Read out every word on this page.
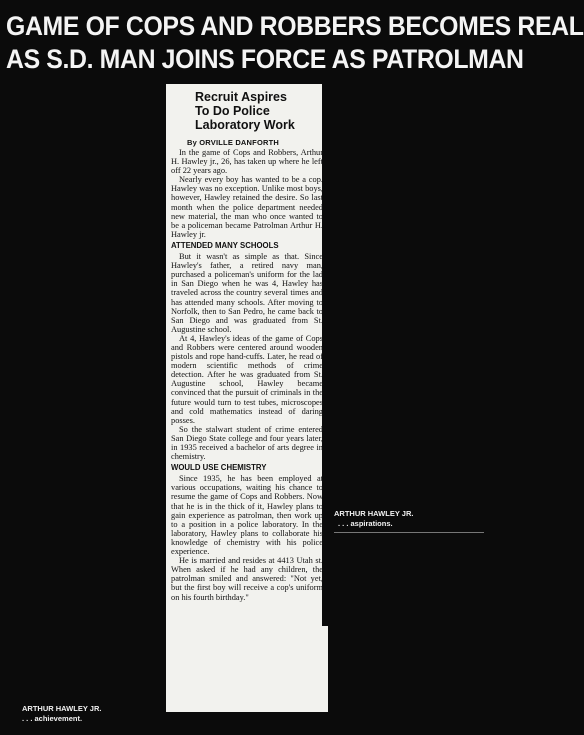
GAME OF COPS AND ROBBERS BECOMES REAL
AS S.D. MAN JOINS FORCE AS PATROLMAN
Recruit Aspires
To Do Police
Laboratory Work
By ORVILLE DANFORTH

In the game of Cops and Robbers, Arthur H. Hawley jr., 26, has taken up where he left off 22 years ago.

Nearly every boy has wanted to be a cop. Hawley was no exception. Unlike most boys, however, Hawley retained the desire. So last month when the police department needed new material, the man who once wanted to be a policeman became Patrolman Arthur H. Hawley jr.

ATTENDED MANY SCHOOLS

But it wasn't as simple as that. Since Hawley's father, a retired navy man, purchased a policeman's uniform for the lad in San Diego when he was 4, Hawley has traveled across the country several times and has attended many schools. After moving to Norfolk, then to San Pedro, he came back to San Diego and was graduated from St. Augustine school.

At 4, Hawley's ideas of the game of Cops and Robbers were centered around wooden pistols and rope hand-cuffs. Later, he read of modern scientific methods of crime detection. After he was graduated from St. Augustine school, Hawley became convinced that the pursuit of criminals in the future would turn to test tubes, microscopes and cold mathematics instead of daring posses.

So the stalwart student of crime entered San Diego State college and four years later, in 1935 received a bachelor of arts degree in chemistry.

WOULD USE CHEMISTRY

Since 1935, he has been employed at various occupations, waiting his chance to resume the game of Cops and Robbers. Now that he is in the thick of it, Hawley plans to gain experience as patrolman, then work up to a position in a police laboratory. In the laboratory, Hawley plans to collaborate his knowledge of chemistry with his police experience.

He is married and resides at 4413 Utah st. When asked if he had any children, the patrolman smiled and answered: "Not yet, but the first boy will receive a cop's uniform on his fourth birthday."

ARTHUR HAWLEY JR.
. . . aspirations.
ARTHUR HAWLEY JR.
. . . achievement.
